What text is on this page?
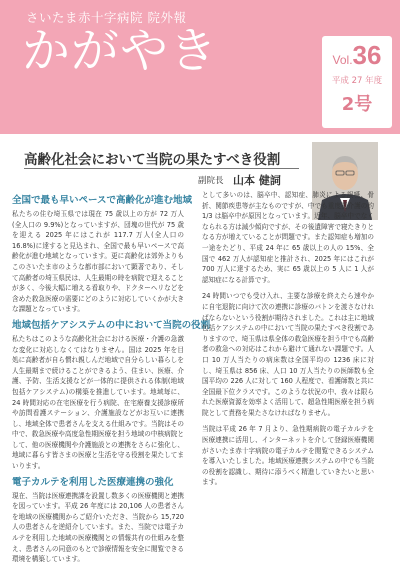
さいたま赤十字病院 院外報
かがやき	Vol.36
平成 27 年度
2号
高齢化社会において当院の果たすべき役割
副院長 山本 健詞
全国で最も早いペースで高齢化が進む地域

私たちの住む埼玉県では現在 75 歳以上の方が 72 万人(全人口の 9.9%)となっていますが、団塊の世代が 75 歳を迎える 2025 年にはこれが 117.7 万人(全人口の 16.8%)に達すると見込まれ、全国で最も早いペースで高齢化が進む地域となっています。更に高齢化は郊外よりもこのさいたま市のような都市部において顕著であり、そして高齢者の埼玉県民は、人生最期の時を病院で迎えることが多く、今後大幅に増える看取りや、ドクターヘリなどを含めた救急医療の需要にどのように対応していくかが大きな課題となっています。

地域包括ケアシステムの中において当院の役割

私たちはこのような高齢化社会における医療・介護の急激な変化に対応しなくてはなりません。国は 2025 年を目処に高齢者が自ら慣れ親しんだ地域で自分らしい暮らしを人生最期まで続けることができるよう、住まい、医療、介護、予防、生活支援などが一体的に提供される体制(地域包括ケアシステム)の構築を推進しています。地域毎に、24 時間対応の在宅医療を行う病院、在宅療養支援診療所や訪問看護ステーション、介護施設などがお互いに連携し、地域全体で患者さんを支える仕組みです。当院はその中で、救急医療や高度急性期医療を担う地域の中核病院として、他の医療機関や介護施設との連携をさらに強化し、地域に暮らす皆さまの医療と生活を守る役割を果たしてまいります。

電子カルテを利用した医療連携の強化

現在、当院は医療連携課を設置し数多くの医療機関と連携を図っています。平成 26 年度には 20,106 人の患者さんを地域の医療機関からご紹介いただき、当院から 15,720 人の患者さんを逆紹介しています。また、当院では電子カルテを利用した地域の医療機関との情報共有の仕組みを整え、患者さんの同意のもとで診療情報を安全に閲覧できる環境を構築しています。

として多いのは、脳卒中、認知症、肺炎による誤嚥、骨折、関節疾患等が主なものですが、中でも重度要介護の約 1/3 は脳卒中が原因となっています。近年、脳卒中でなくなられる方は減少傾向ですが、その後遺障害で寝たきりとなる方が増えていることが問題です。また認知症も増加の一途をたどり、平成 24 年に 65 歳以上の人の 15%、全国で 462 万人が認知症と推計され、2025 年にはこれが 700 万人に達するため、実に 65 歳以上の 5 人に 1 人が認知症になる計算です。

24 時間いつでも受け入れ、主要な診療を終えたら速やかに自宅退院に向けて次の連携に診療のバトンを渡さなければならないという役割が期待されました。これは主に地域包括ケアシステムの中において当院の果たすべき役割でありますので、埼玉県は県全体の救急医療を担う中でも高齢者の救急への対応はこれから避けて通れない課題です。人口 10 万人当たりの病床数は全国平均の 1236 床に対し、埼玉県は 856 床、人口 10 万人当たりの医師数も全国平均の 226 人に対して 160 人程度で、看護師数と共に全国最下位クラスです。このような状況の中、我々は限られた医療資源を効率よく活用して、超急性期医療を担う病院として責務を果たさなければなりません。

当院は平成 26 年 7 月より、急性期病院の電子カルテを医療連携に活用し、インターネットを介して登録医療機関がさいたま赤十字病院の電子カルテを閲覧できるシステムを導入いたしました。地域医療連携システムの中でも当院の役割を認識し、期待に添うべく精進していきたいと思います。
